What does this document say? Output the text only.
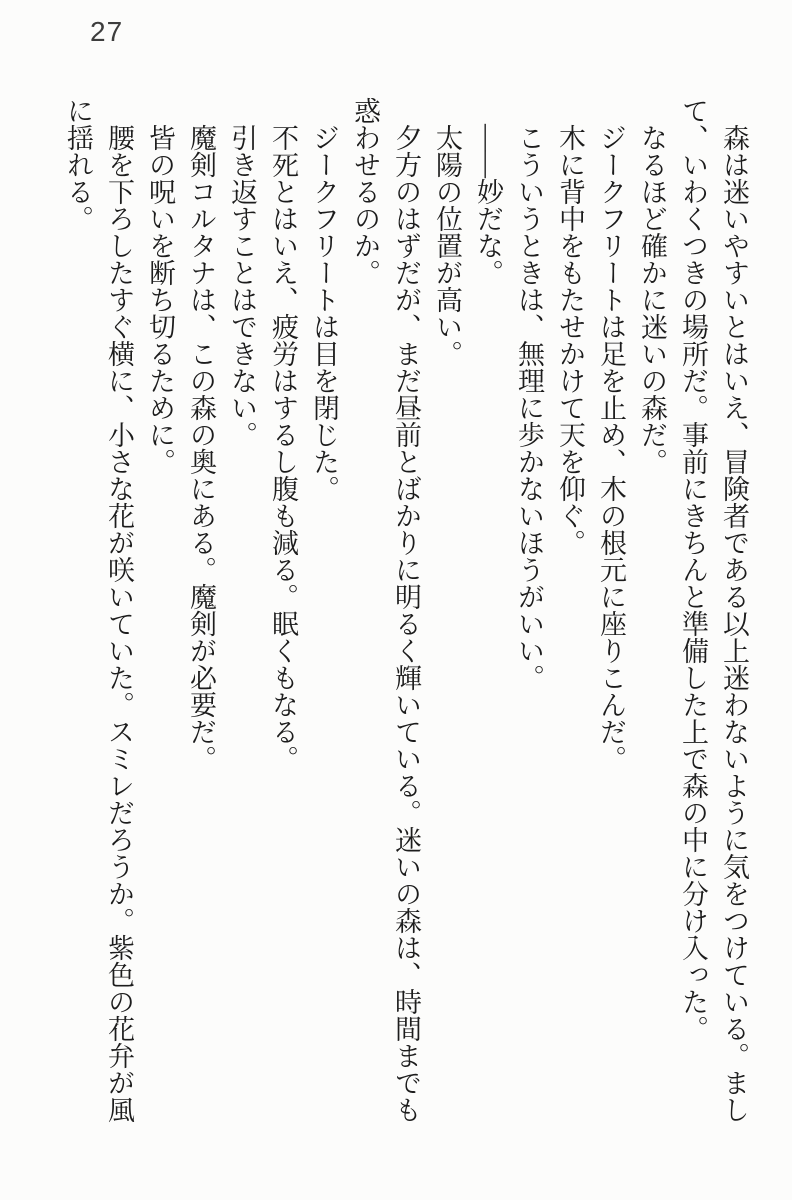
27

森は迷いやすいとはいえ、冒険者である以上迷わないように気をつけている。まして、いわくつきの場所だ。事前にきちんと準備した上で森の中に分け入った。

なるほど確かに迷いの森だ。

ジークフリートは足を止め、木の根元に座りこんだ。

木に背中をもたせかけて天を仰ぐ。

こういうときは、無理に歩かないほうがいい。

――妙だな。

太陽の位置が高い。

夕方のはずだが、まだ昼前とばかりに明るく輝いている。迷いの森は、時間までも惑わせるのか。

ジークフリートは目を閉じた。

不死とはいえ、疲労はするし腹も減る。眠くもなる。

引き返すことはできない。

魔剣コルタナは、この森の奥にある。魔剣が必要だ。

皆の呪いを断ち切るために。

腰を下ろしたすぐ横に、小さな花が咲いていた。スミレだろうか。紫色の花弁が風に揺れる。
